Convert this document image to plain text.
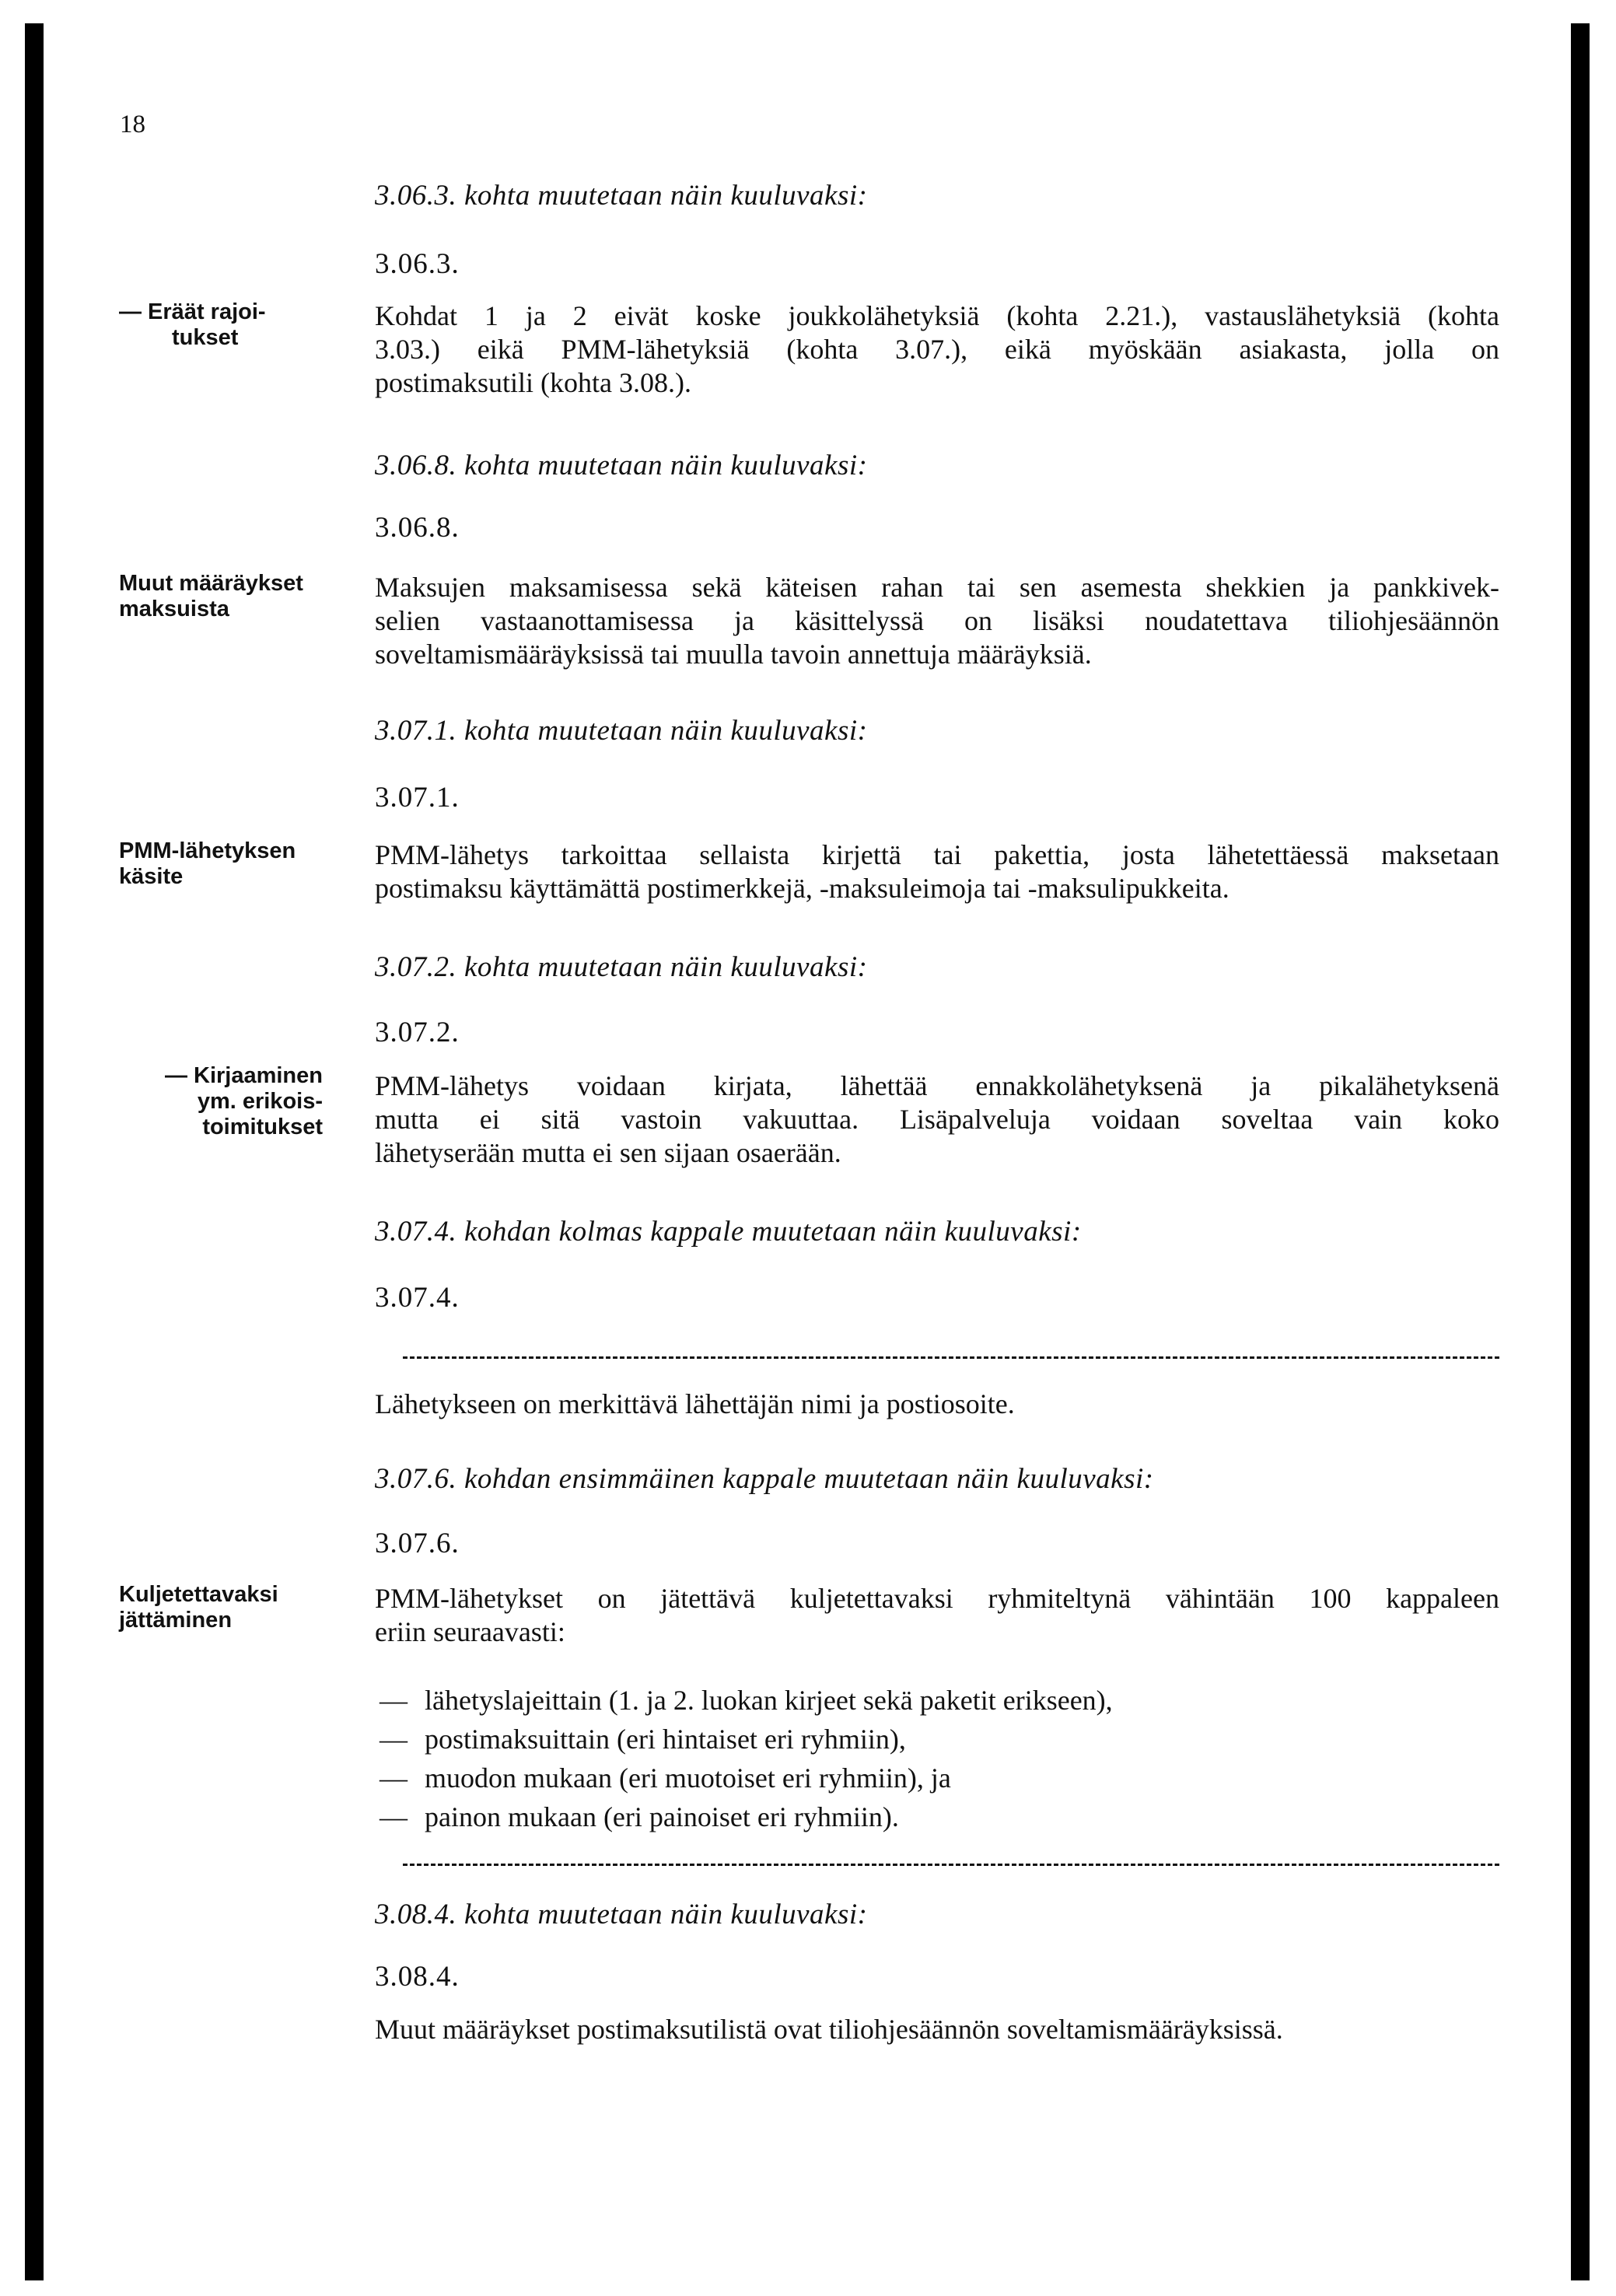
18
— Eräät rajoi-
tukset
Muut määräykset
maksuista
PMM-lähetyksen
käsite
— Kirjaaminen
ym. erikois-
toimitukset
Kuljetettavaksi
jättäminen
3.06.3. kohta muutetaan näin kuuluvaksi:
3.06.3.
Kohdat 1 ja 2 eivät koske joukkolähetyksiä (kohta 2.21.), vastauslähetyksiä (kohta
3.03.) eikä PMM-lähetyksiä (kohta 3.07.), eikä myöskään asiakasta, jolla on
postimaksutili (kohta 3.08.).
3.06.8. kohta muutetaan näin kuuluvaksi:
3.06.8.
Maksujen maksamisessa sekä käteisen rahan tai sen asemesta shekkien ja pankkivek-
selien vastaanottamisessa ja käsittelyssä on lisäksi noudatettava tiliohjesäännön
soveltamismääräyksissä tai muulla tavoin annettuja määräyksiä.
3.07.1. kohta muutetaan näin kuuluvaksi:
3.07.1.
PMM-lähetys tarkoittaa sellaista kirjettä tai pakettia, josta lähetettäessä maksetaan
postimaksu käyttämättä postimerkkejä, -maksuleimoja tai -maksulipukkeita.
3.07.2. kohta muutetaan näin kuuluvaksi:
3.07.2.
PMM-lähetys voidaan kirjata, lähettää ennakkolähetyksenä ja pikalähetyksenä
mutta ei sitä vastoin vakuuttaa. Lisäpalveluja voidaan soveltaa vain koko
lähetyserään mutta ei sen sijaan osaerään.
3.07.4. kohdan kolmas kappale muutetaan näin kuuluvaksi:
3.07.4.
Lähetykseen on merkittävä lähettäjän nimi ja postiosoite.
3.07.6. kohdan ensimmäinen kappale muutetaan näin kuuluvaksi:
3.07.6.
PMM-lähetykset on jätettävä kuljetettavaksi ryhmiteltynä vähintään 100 kappaleen
eriin seuraavasti:
— lähetyslajeittain (1. ja 2. luokan kirjeet sekä paketit erikseen),
— postimaksuittain (eri hintaiset eri ryhmiin),
— muodon mukaan (eri muotoiset eri ryhmiin), ja
— painon mukaan (eri painoiset eri ryhmiin).
3.08.4. kohta muutetaan näin kuuluvaksi:
3.08.4.
Muut määräykset postimaksutilistä ovat tiliohjesäännön soveltamismääräyksissä.
